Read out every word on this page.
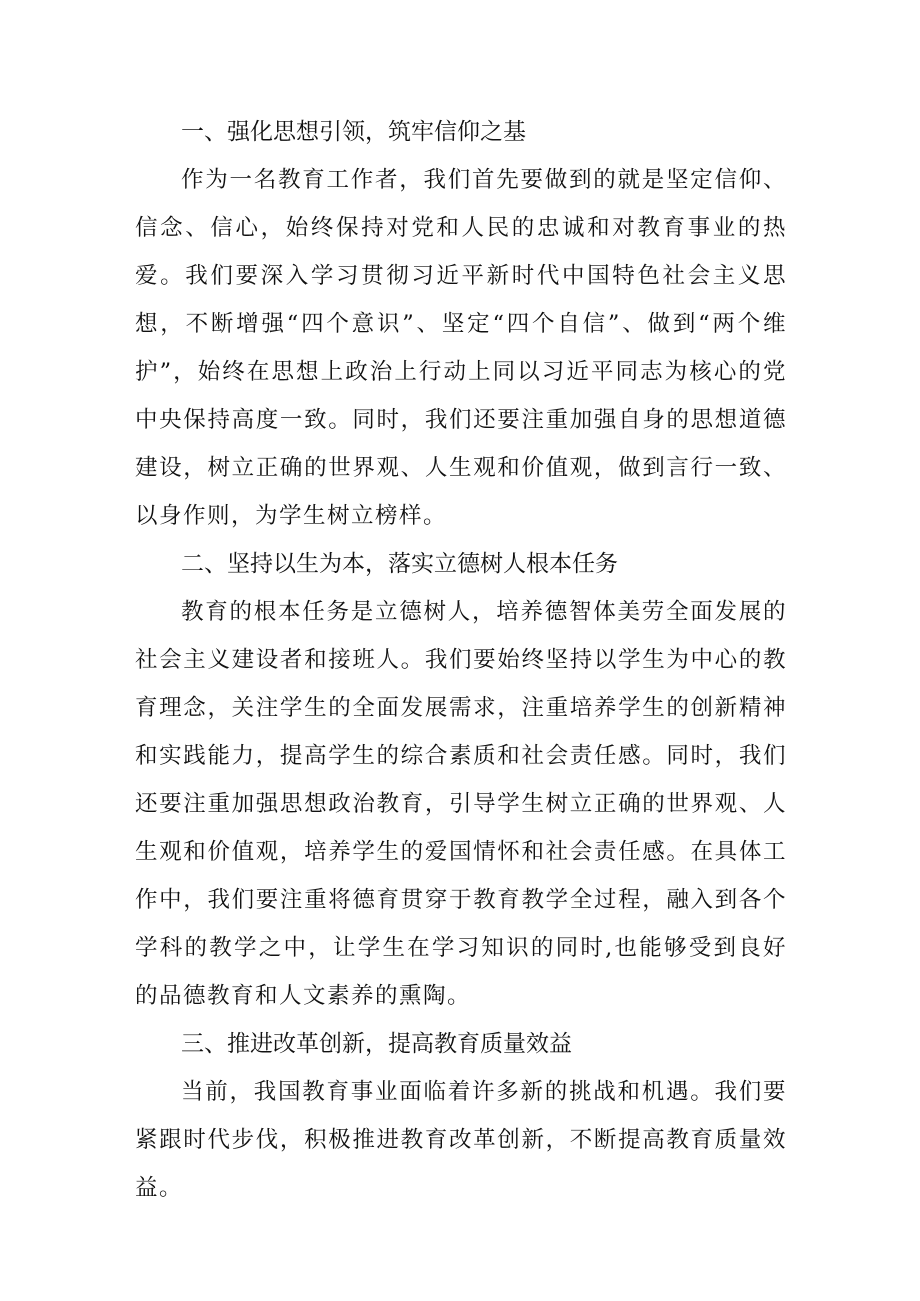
一、强化思想引领，筑牢信仰之基

作为一名教育工作者，我们首先要做到的就是坚定信仰、信念、信心，始终保持对党和人民的忠诚和对教育事业的热爱。我们要深入学习贯彻习近平新时代中国特色社会主义思想，不断增强“四个意识”、坚定“四个自信”、做到“两个维护”，始终在思想上政治上行动上同以习近平同志为核心的党中央保持高度一致。同时，我们还要注重加强自身的思想道德建设，树立正确的世界观、人生观和价值观，做到言行一致、以身作则，为学生树立榜样。

二、坚持以生为本，落实立德树人根本任务

教育的根本任务是立德树人，培养德智体美劳全面发展的社会主义建设者和接班人。我们要始终坚持以学生为中心的教育理念，关注学生的全面发展需求，注重培养学生的创新精神和实践能力，提高学生的综合素质和社会责任感。同时，我们还要注重加强思想政治教育，引导学生树立正确的世界观、人生观和价值观，培养学生的爱国情怀和社会责任感。在具体工作中，我们要注重将德育贯穿于教育教学全过程，融入到各个学科的教学之中，让学生在学习知识的同时,也能够受到良好的品德教育和人文素养的熏陶。

三、推进改革创新，提高教育质量效益

当前，我国教育事业面临着许多新的挑战和机遇。我们要紧跟时代步伐，积极推进教育改革创新，不断提高教育质量效益。
